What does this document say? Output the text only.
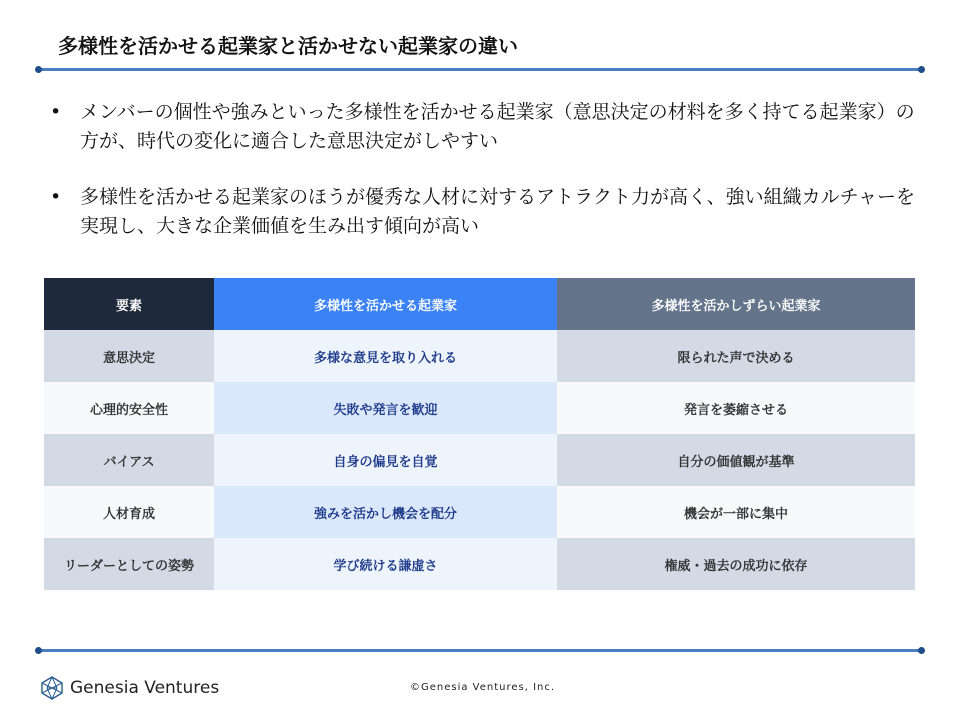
多様性を活かせる起業家と活かせない起業家の違い
• メンバーの個性や強みといった多様性を活かせる起業家（意思決定の材料を多く持てる起業家）の方が、時代の変化に適合した意思決定がしやすい
• 多様性を活かせる起業家のほうが優秀な人材に対するアトラクト力が高く、強い組織カルチャーを実現し、大きな企業価値を生み出す傾向が高い
要素	多様性を活かせる起業家	多様性を活かしずらい起業家
意思決定	多様な意見を取り入れる	限られた声で決める
心理的安全性	失敗や発言を歓迎	発言を萎縮させる
バイアス	自身の偏見を自覚	自分の価値観が基準
人材育成	強みを活かし機会を配分	機会が一部に集中
リーダーとしての姿勢	学び続ける謙虚さ	権威・過去の成功に依存
Genesia Ventures	©Genesia Ventures, Inc.
